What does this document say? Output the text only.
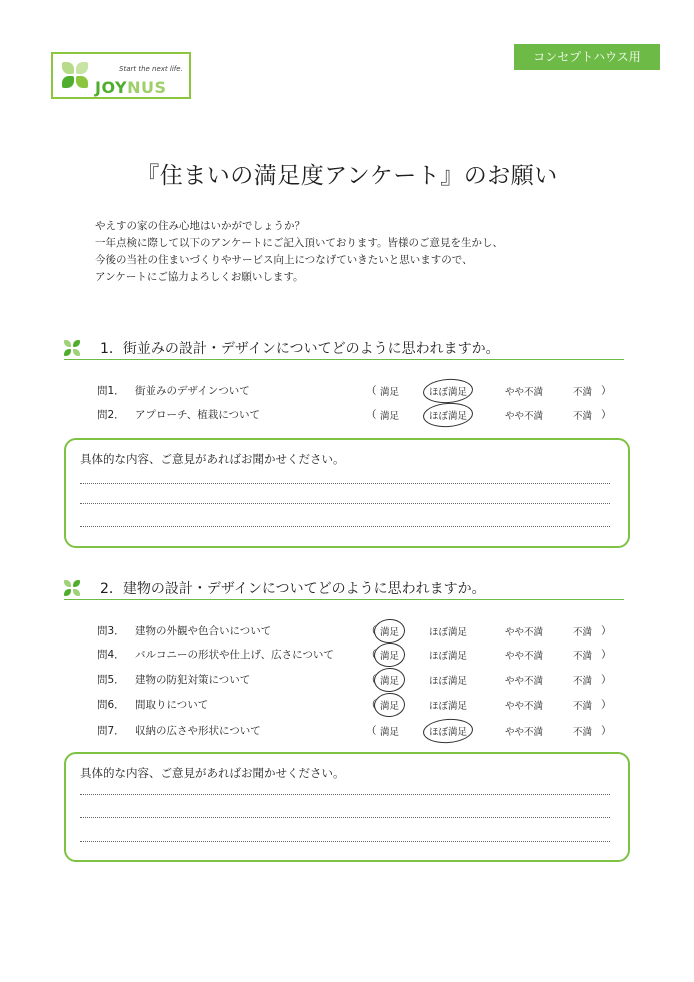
Start the next life.
JOYNUS
コンセプトハウス用
『住まいの満足度アンケート』のお願い
やえすの家の住み心地はいかがでしょうか？
一年点検に際して以下のアンケートにご記入頂いております。皆様のご意見を生かし、
今後の当社の住まいづくりやサービス向上につなげていきたいと思いますので、
アンケートにご協力よろしくお願いします。
1．街並みの設計・デザインについてどのように思われますか。
問1． 街並みのデザインついて	（ 満足	ほぼ満足	やや不満	不満 ）
問2． アプローチ、植栽について	（ 満足	ほぼ満足	やや不満	不満 ）
具体的な内容、ご意見があればお聞かせください。
2．建物の設計・デザインについてどのように思われますか。
問3． 建物の外観や色合いについて	（ 満足	ほぼ満足	やや不満	不満 ）
問4． バルコニーの形状や仕上げ、広さについて	（ 満足	ほぼ満足	やや不満	不満 ）
問5． 建物の防犯対策について	（ 満足	ほぼ満足	やや不満	不満 ）
問6． 間取りについて	（ 満足	ほぼ満足	やや不満	不満 ）
問7． 収納の広さや形状について	（ 満足	ほぼ満足	やや不満	不満 ）
具体的な内容、ご意見があればお聞かせください。
